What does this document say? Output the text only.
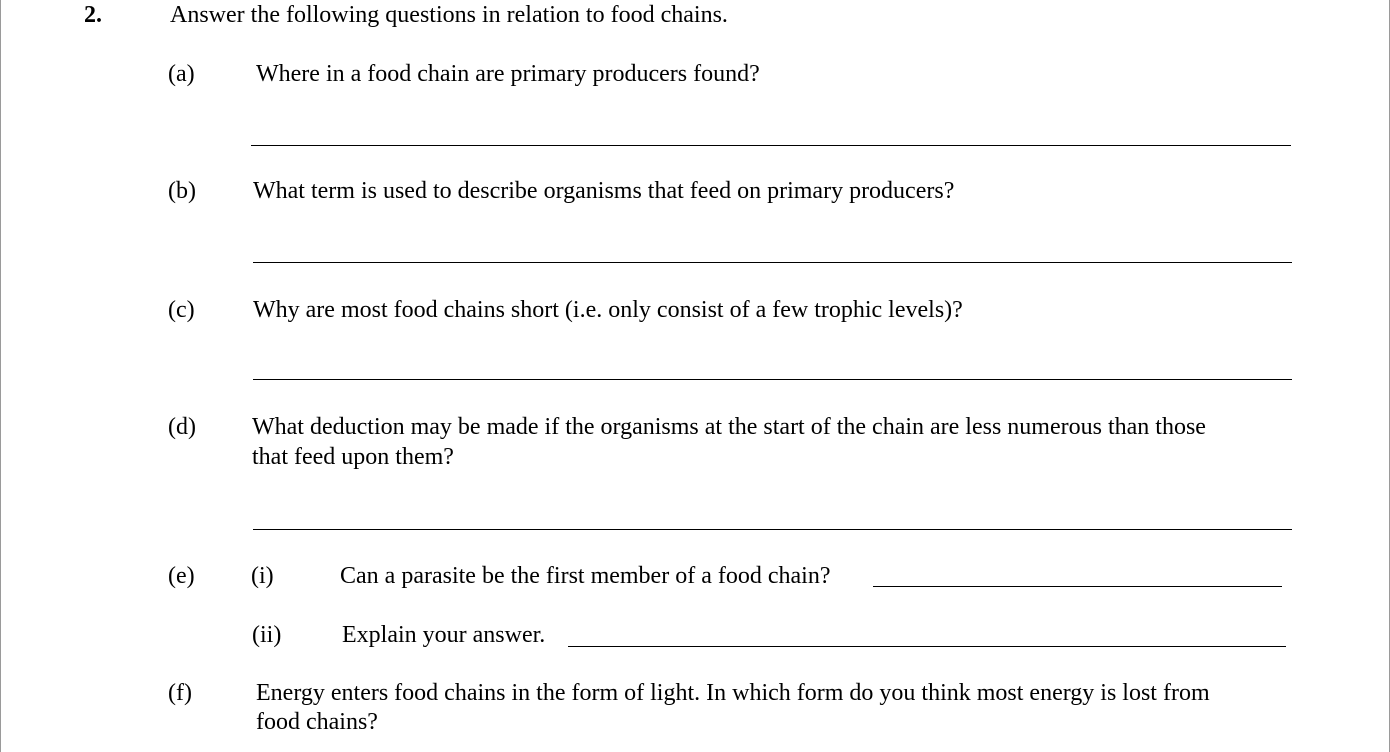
2.	Answer the following questions in relation to food chains.
(a)	Where in a food chain are primary producers found?
(b) What term is used to describe organisms that feed on primary producers?
(c) Why are most food chains short (i.e. only consist of a few trophic levels)?
(d) What deduction may be made if the organisms at the start of the chain are less numerous than those
that feed upon them?
(e) (i)	Can a parasite be the first member of a food chain?
(ii)	Explain your answer.
(f)	Energy enters food chains in the form of light. In which form do you think most energy is lost from
food chains?
